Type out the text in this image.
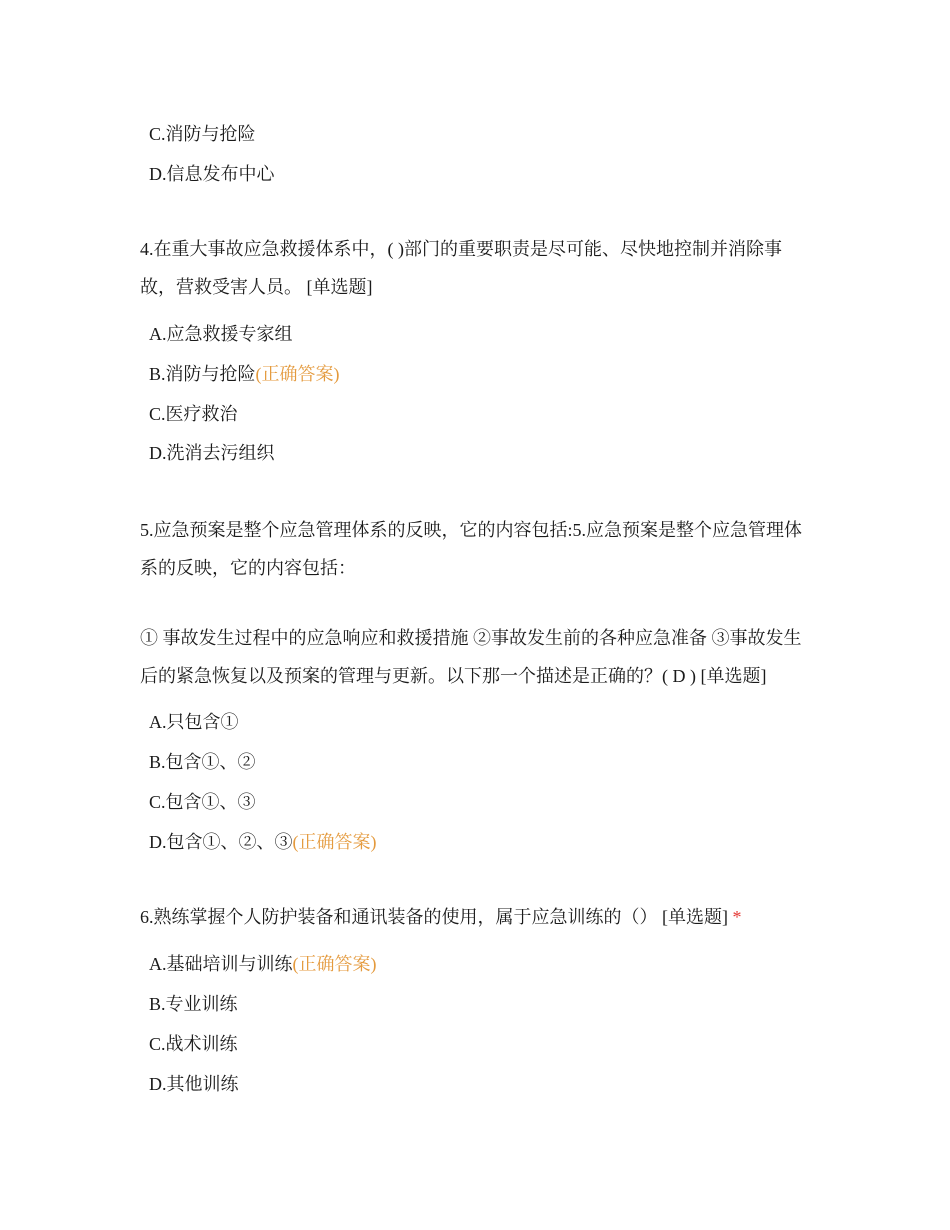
C.消防与抢险
D.信息发布中心
4.在重大事故应急救援体系中，( )部门的重要职责是尽可能、尽快地控制并消除事故，营救受害人员。 [单选题]
A.应急救援专家组
B.消防与抢险(正确答案)
C.医疗救治
D.洗消去污组织
5.应急预案是整个应急管理体系的反映，它的内容包括:5.应急预案是整个应急管理体系的反映，它的内容包括：
① 事故发生过程中的应急响应和救援措施 ②事故发生前的各种应急准备 ③事故发生后的紧急恢复以及预案的管理与更新。以下那一个描述是正确的？( D ) [单选题]
A.只包含①
B.包含①、②
C.包含①、③
D.包含①、②、③(正确答案)
6.熟练掌握个人防护装备和通讯装备的使用，属于应急训练的（） [单选题] *
A.基础培训与训练(正确答案)
B.专业训练
C.战术训练
D.其他训练
